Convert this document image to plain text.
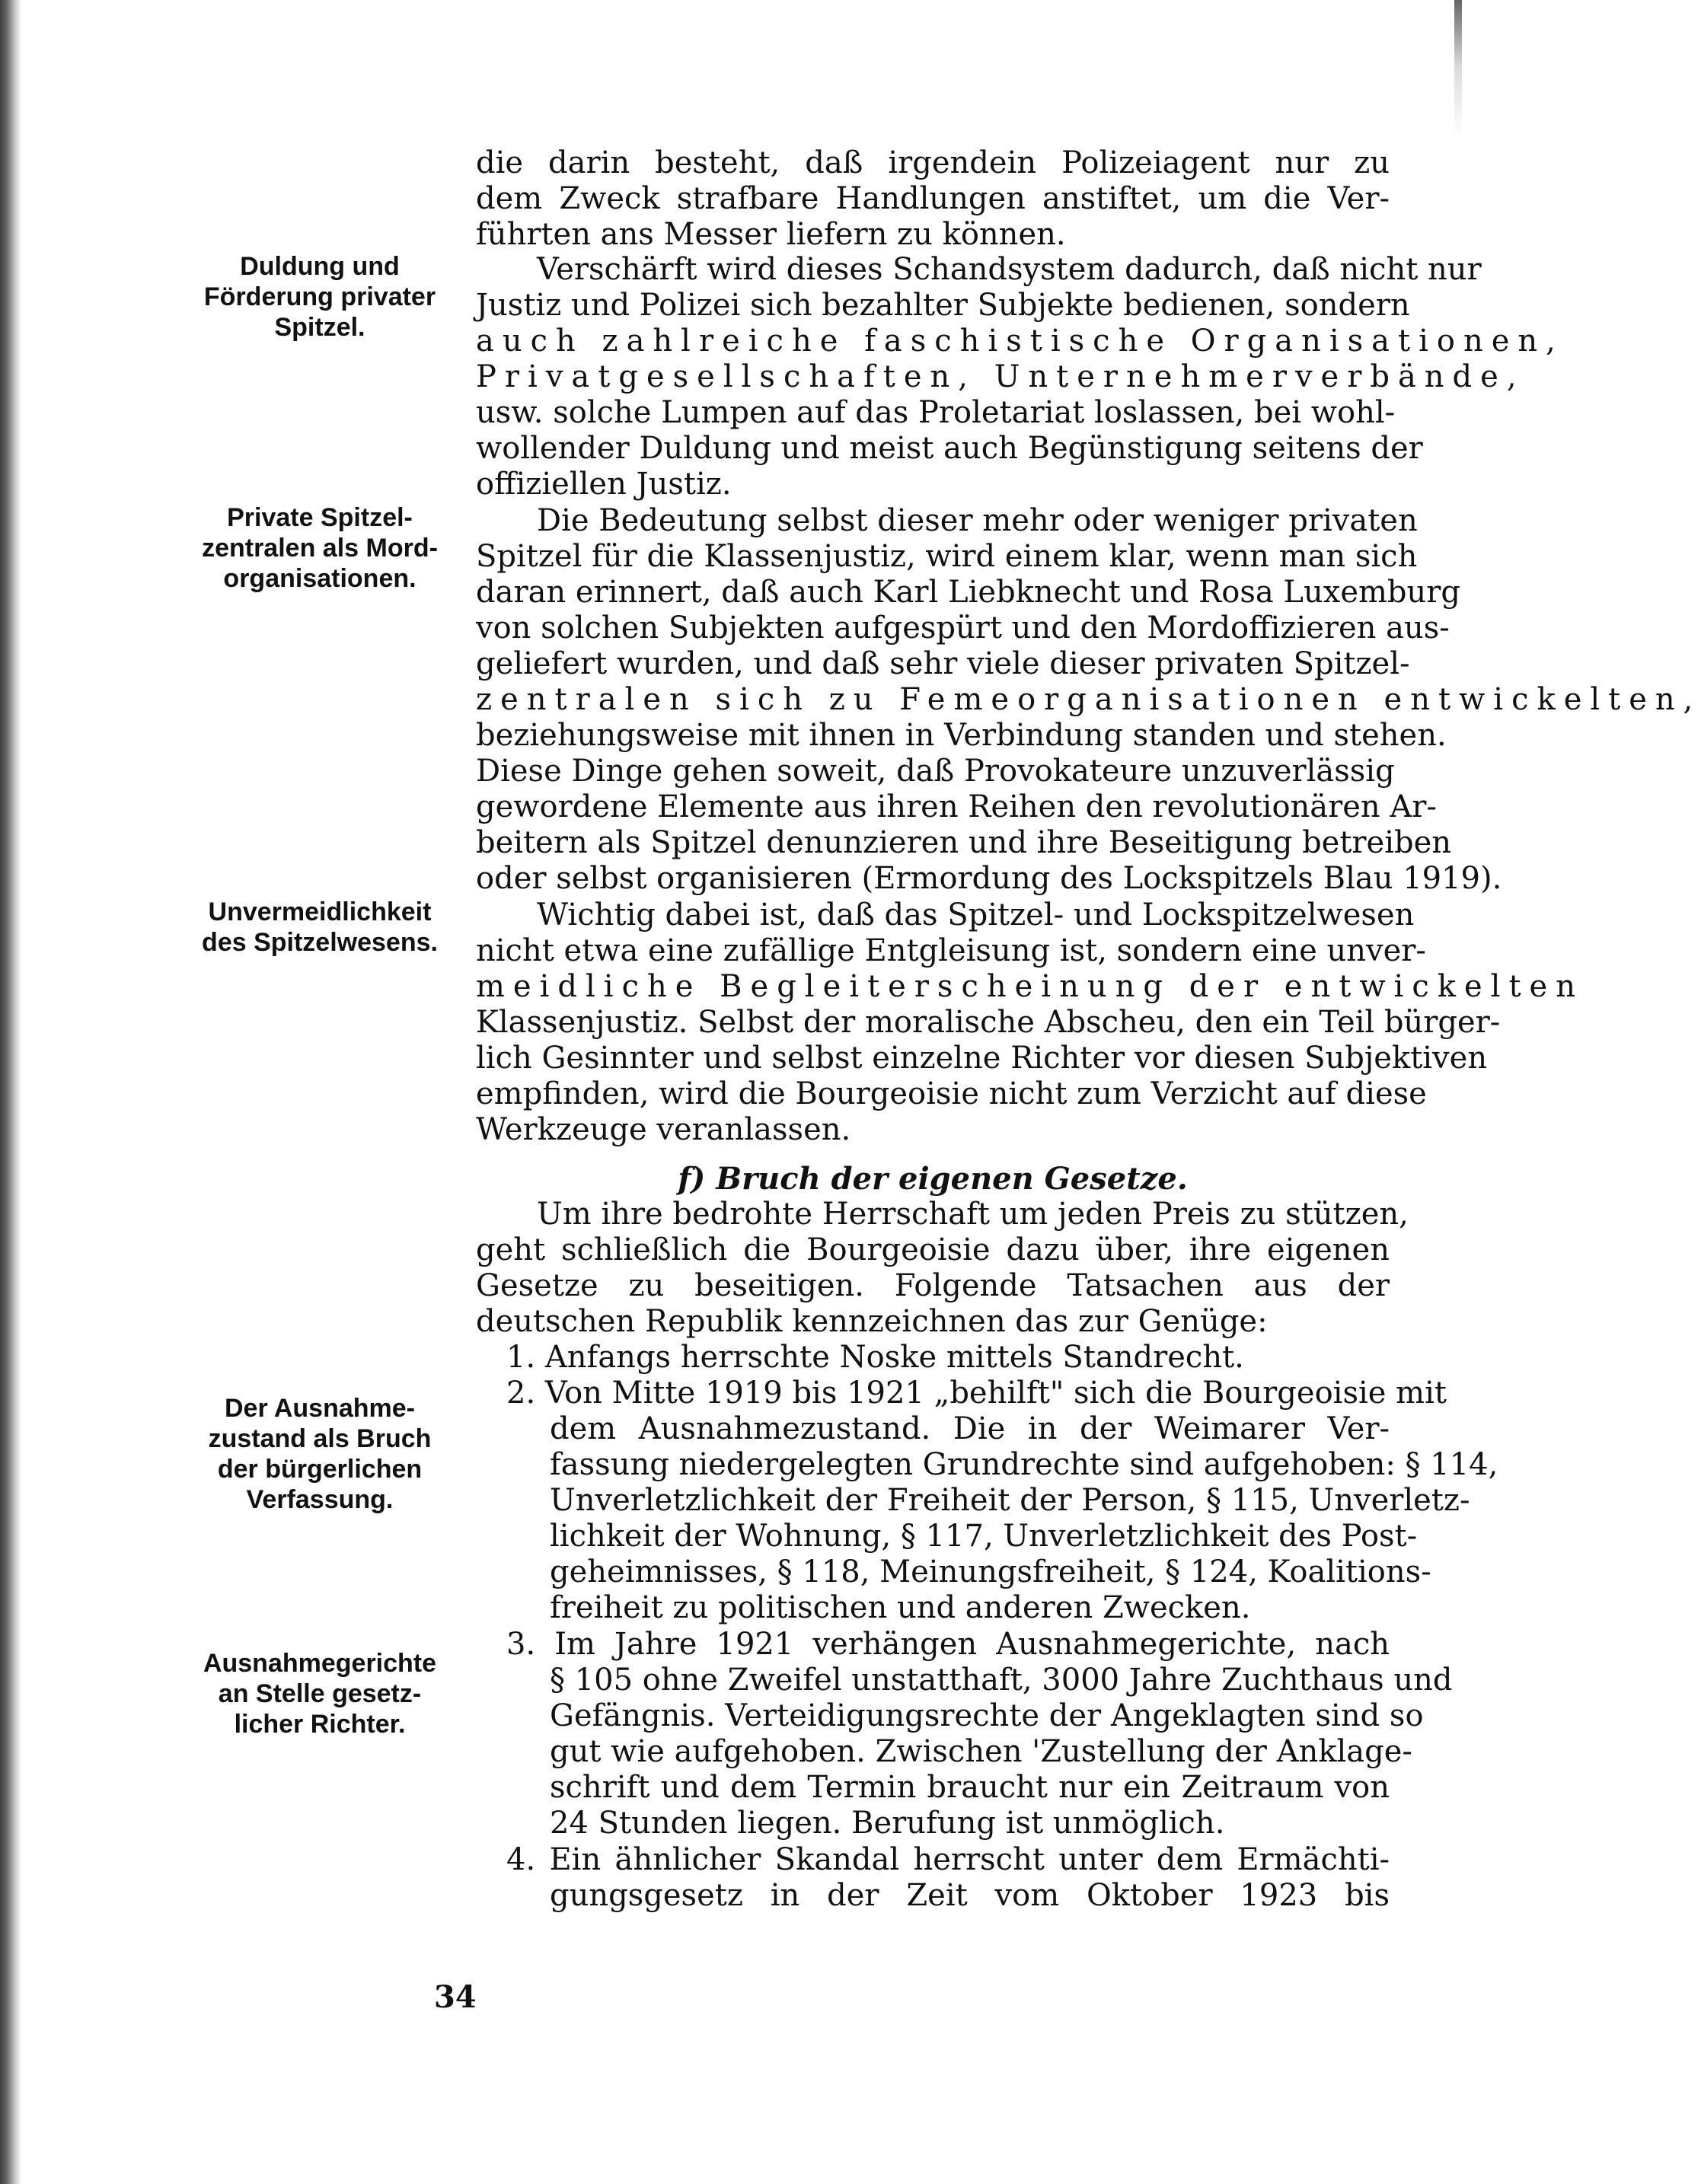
Duldung und
Förderung privater
Spitzel.
Private Spitzel-
zentralen als Mord-
organisationen.
Unvermeidlichkeit
des Spitzelwesens.
Der Ausnahme-
zustand als Bruch
der bürgerlichen
Verfassung.
Ausnahmegerichte
an Stelle gesetz-
licher Richter.
die darin besteht, daß irgendein Polizeiagent nur zu
dem Zweck strafbare Handlungen anstiftet, um die Ver-
führten ans Messer liefern zu können.
Verschärft wird dieses Schandsystem dadurch, daß nicht nur
Justiz und Polizei sich bezahlter Subjekte bedienen, sondern
auch zahlreiche faschistische Organisationen,
Privatgesellschaften, Unternehmerverbände,
usw. solche Lumpen auf das Proletariat loslassen, bei wohl-
wollender Duldung und meist auch Begünstigung seitens der
offiziellen Justiz.
Die Bedeutung selbst dieser mehr oder weniger privaten
Spitzel für die Klassenjustiz, wird einem klar, wenn man sich
daran erinnert, daß auch Karl Liebknecht und Rosa Luxemburg
von solchen Subjekten aufgespürt und den Mordoffizieren aus-
geliefert wurden, und daß sehr viele dieser privaten Spitzel-
zentralen sich zu Femeorganisationen entwickelten,
beziehungsweise mit ihnen in Verbindung standen und stehen.
Diese Dinge gehen soweit, daß Provokateure unzuverlässig
gewordene Elemente aus ihren Reihen den revolutionären Ar-
beitern als Spitzel denunzieren und ihre Beseitigung betreiben
oder selbst organisieren (Ermordung des Lockspitzels Blau 1919).
Wichtig dabei ist, daß das Spitzel- und Lockspitzelwesen
nicht etwa eine zufällige Entgleisung ist, sondern eine unver-
meidliche Begleiterscheinung der entwickelten
Klassenjustiz. Selbst der moralische Abscheu, den ein Teil bürger-
lich Gesinnter und selbst einzelne Richter vor diesen Subjektiven
empfinden, wird die Bourgeoisie nicht zum Verzicht auf diese
Werkzeuge veranlassen.
Um ihre bedrohte Herrschaft um jeden Preis zu stützen,
geht schließlich die Bourgeoisie dazu über, ihre eigenen
Gesetze zu beseitigen. Folgende Tatsachen aus der
deutschen Republik kennzeichnen das zur Genüge:
1. Anfangs herrschte Noske mittels Standrecht.
2. Von Mitte 1919 bis 1921 „behilft" sich die Bourgeoisie mit
dem Ausnahmezustand. Die in der Weimarer Ver-
fassung niedergelegten Grundrechte sind aufgehoben: § 114,
Unverletzlichkeit der Freiheit der Person, § 115, Unverletz-
lichkeit der Wohnung, § 117, Unverletzlichkeit des Post-
geheimnisses, § 118, Meinungsfreiheit, § 124, Koalitions-
freiheit zu politischen und anderen Zwecken.
3. Im Jahre 1921 verhängen Ausnahmegerichte, nach
§ 105 ohne Zweifel unstatthaft, 3000 Jahre Zuchthaus und
Gefängnis. Verteidigungsrechte der Angeklagten sind so
gut wie aufgehoben. Zwischen 'Zustellung der Anklage-
schrift und dem Termin braucht nur ein Zeitraum von
24 Stunden liegen. Berufung ist unmöglich.
4. Ein ähnlicher Skandal herrscht unter dem Ermächti-
gungsgesetz in der Zeit vom Oktober 1923 bis
f) Bruch der eigenen Gesetze.
34
